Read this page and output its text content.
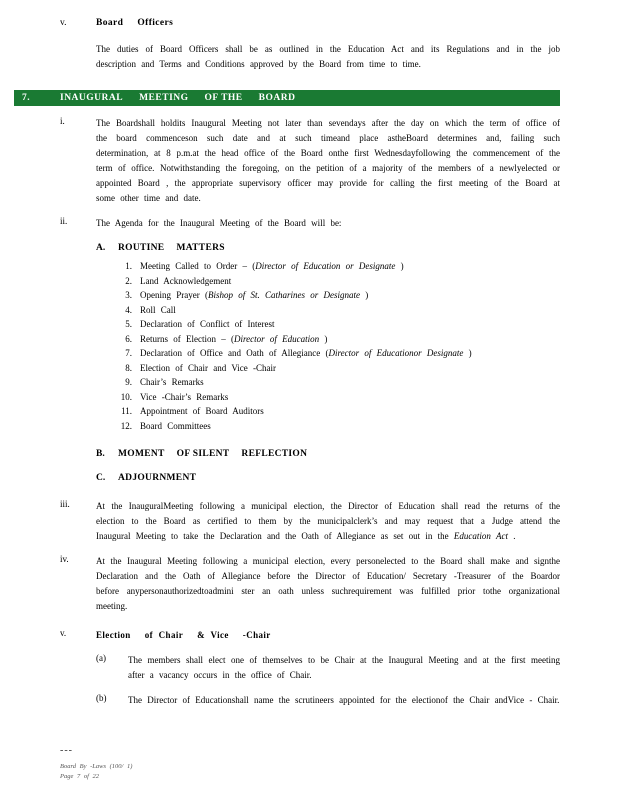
v.	Board Officers
The duties of Board Officers shall be as outlined in the Education Act and its Regulations and in the job description and Terms and Conditions approved by the Board from time to time.
7.	INAUGURAL MEETING OF THE BOARD
i.	The Boardshall holdits Inaugural Meeting not later than sevendays after the day on which the term of office of the board commenceson such date and at such timeand place astheBoard determines and, failing such determination, at 8 p.m.at the head office of the Board onthe first Wednesdayfollowing the commencement of the term of office. Notwithstanding the foregoing, on the petition of a majority of the members of a newlyelected or appointed Board , the appropriate supervisory officer may provide for calling the first meeting of the Board at some other time and date.
ii.	The Agenda for the Inaugural Meeting of the Board will be:
A.	ROUTINE MATTERS
1. Meeting Called to Order – (Director of Education or Designate )
2. Land Acknowledgement
3. Opening Prayer (Bishop of St. Catharines or Designate )
4. Roll Call
5. Declaration of Conflict of Interest
6. Returns of Election – (Director of Education )
7. Declaration of Office and Oath of Allegiance (Director of Educationor Designate )
8. Election of Chair and Vice -Chair
9. Chair’s Remarks
10. Vice -Chair’s Remarks
11. Appointment of Board Auditors
12. Board Committees
B.	MOMENT OF SILENT REFLECTION
C.	ADJOURNMENT
iii.	At the InauguralMeeting following a municipal election, the Director of Education shall read the returns of the election to the Board as certified to them by the municipalclerk’s and may request that a Judge attend the Inaugural Meeting to take the Declaration and the Oath of Allegiance as set out in the Education Act .
iv.	At the Inaugural Meeting following a municipal election, every personelected to the Board shall make and signthe Declaration and the Oath of Allegiance before the Director of Education/ Secretary -Treasurer of the Boardor before anypersonauthorizedtoadmini ster an oath unless suchrequirement was fulfilled prior tothe organizational meeting.
v.	Election of Chair & Vice -Chair
(a)	The members shall elect one of themselves to be Chair at the Inaugural Meeting and at the first meeting after a vacancy occurs in the office of Chair.
(b)	The Director of Educationshall name the scrutineers appointed for the electionof the Chair andVice - Chair.
---
Board By -Laws (100/ 1)
Page 7 of 22
